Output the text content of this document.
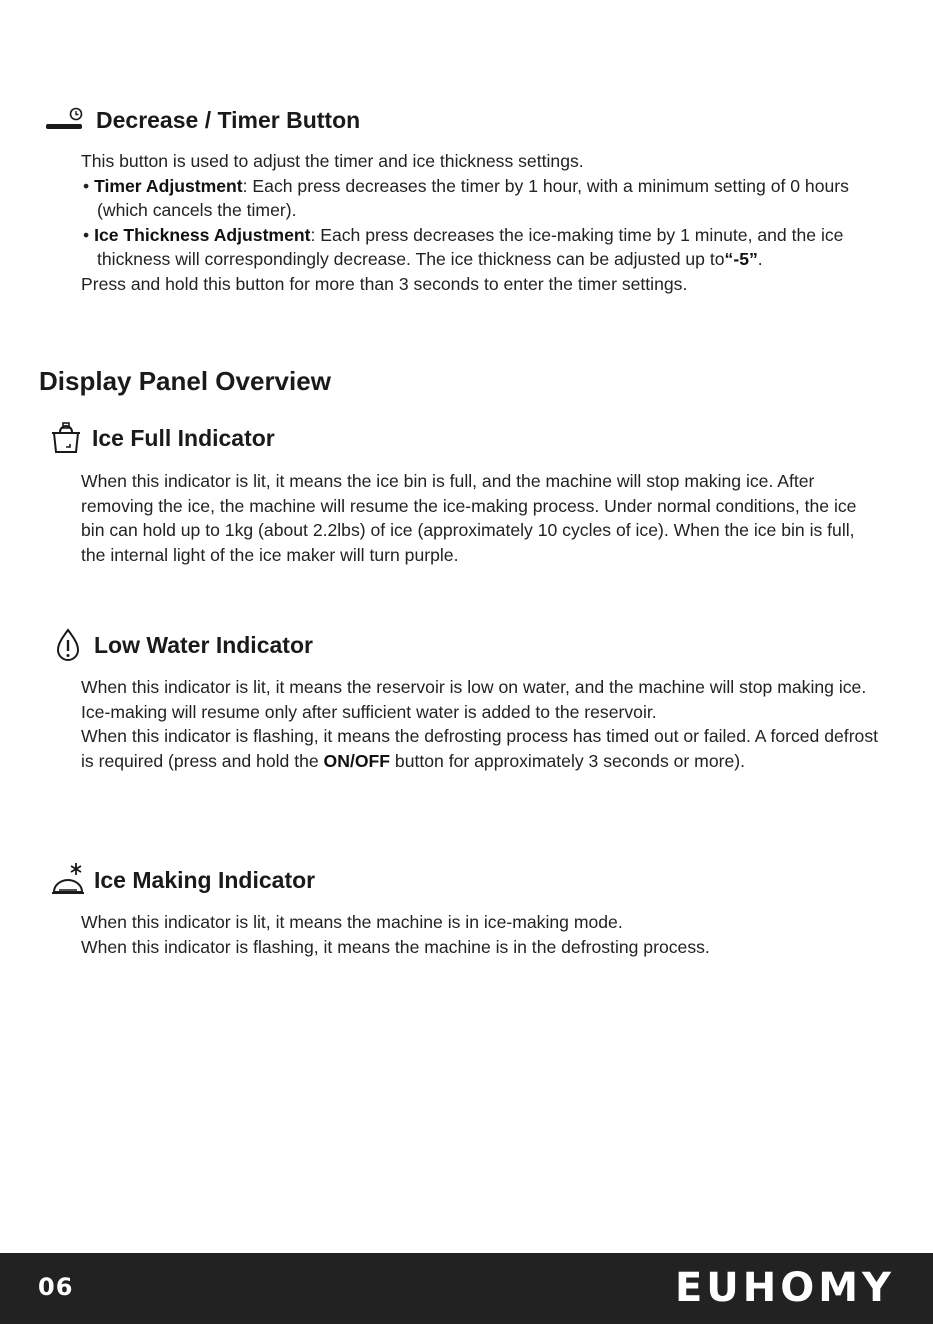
Decrease / Timer Button

This button is used to adjust the timer and ice thickness settings.

• Timer Adjustment: Each press decreases the timer by 1 hour, with a minimum setting of 0 hours (which cancels the timer).

• Ice Thickness Adjustment: Each press decreases the ice-making time by 1 minute, and the ice thickness will correspondingly decrease. The ice thickness can be adjusted up to“-5”.

Press and hold this button for more than 3 seconds to enter the timer settings.

Display Panel Overview
Ice Full Indicator

When this indicator is lit, it means the ice bin is full, and the machine will stop making ice. After removing the ice, the machine will resume the ice-making process. Under normal conditions, the ice bin can hold up to 1kg (about 2.2lbs) of ice (approximately 10 cycles of ice). When the ice bin is full, the internal light of the ice maker will turn purple.

Low Water Indicator

When this indicator is lit, it means the reservoir is low on water, and the machine will stop making ice. Ice-making will resume only after sufficient water is added to the reservoir.

When this indicator is flashing, it means the defrosting process has timed out or failed. A forced defrost is required (press and hold the ON/OFF button for approximately 3 seconds or more).

Ice Making Indicator

When this indicator is lit, it means the machine is in ice-making mode.

When this indicator is flashing, it means the machine is in the defrosting process.

06	EUHOMY
